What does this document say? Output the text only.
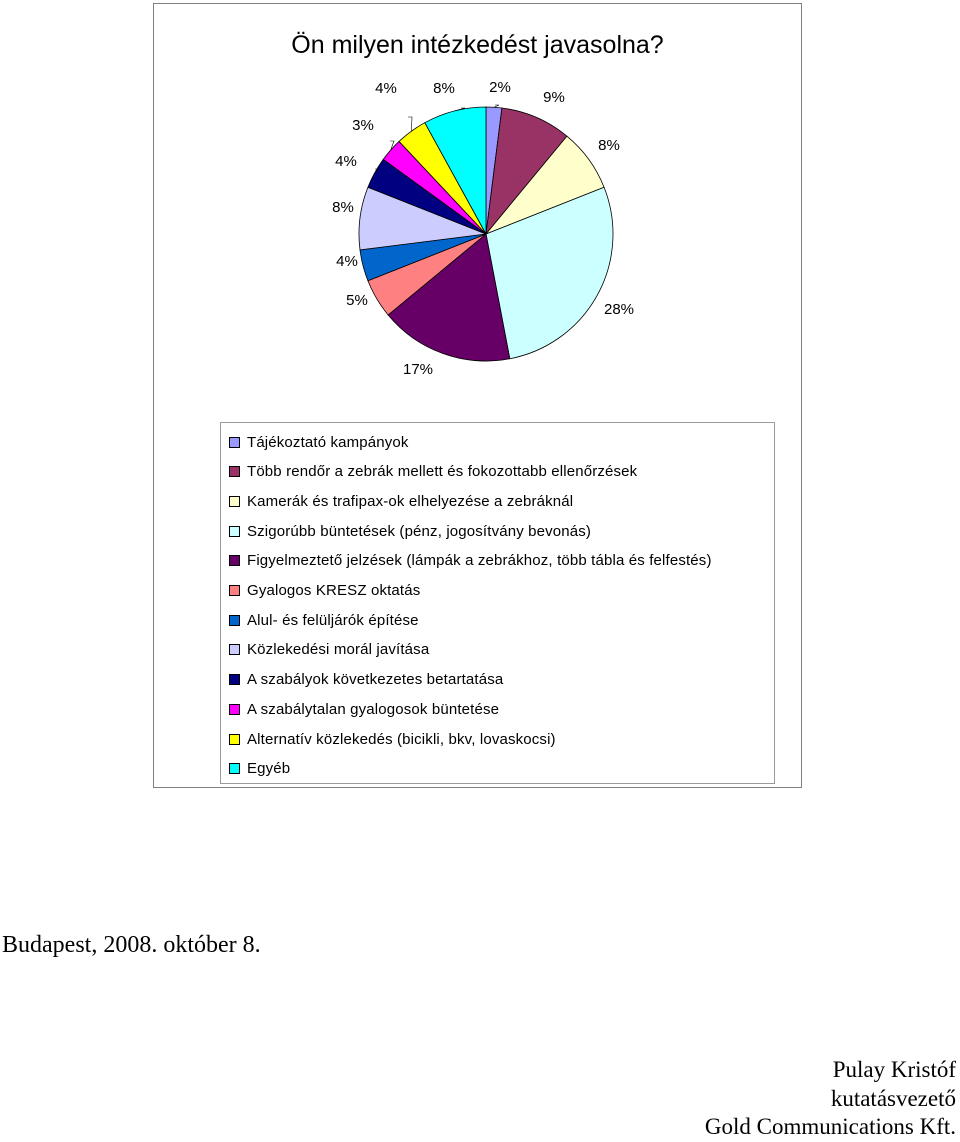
Ön milyen intézkedést javasolna?
2%
9%
8%
28%
17%
5%
4%
8%
4%
3%
4% 8%
Tájékoztató kampányok
Több rendőr a zebrák mellett és fokozottabb ellenőrzések
Kamerák és trafipax-ok elhelyezése a zebráknál
Szigorúbb büntetések (pénz, jogosítvány bevonás)
Figyelmeztető jelzések (lámpák a zebrákhoz, több tábla és felfestés)
Gyalogos KRESZ oktatás
Alul- és felüljárók építése
Közlekedési morál javítása
A szabályok következetes betartatása
A szabálytalan gyalogosok büntetése
Alternatív közlekedés (bicikli, bkv, lovaskocsi)
Egyéb
Budapest, 2008. október 8.
Pulay Kristóf
kutatásvezető
Gold Communications Kft.
